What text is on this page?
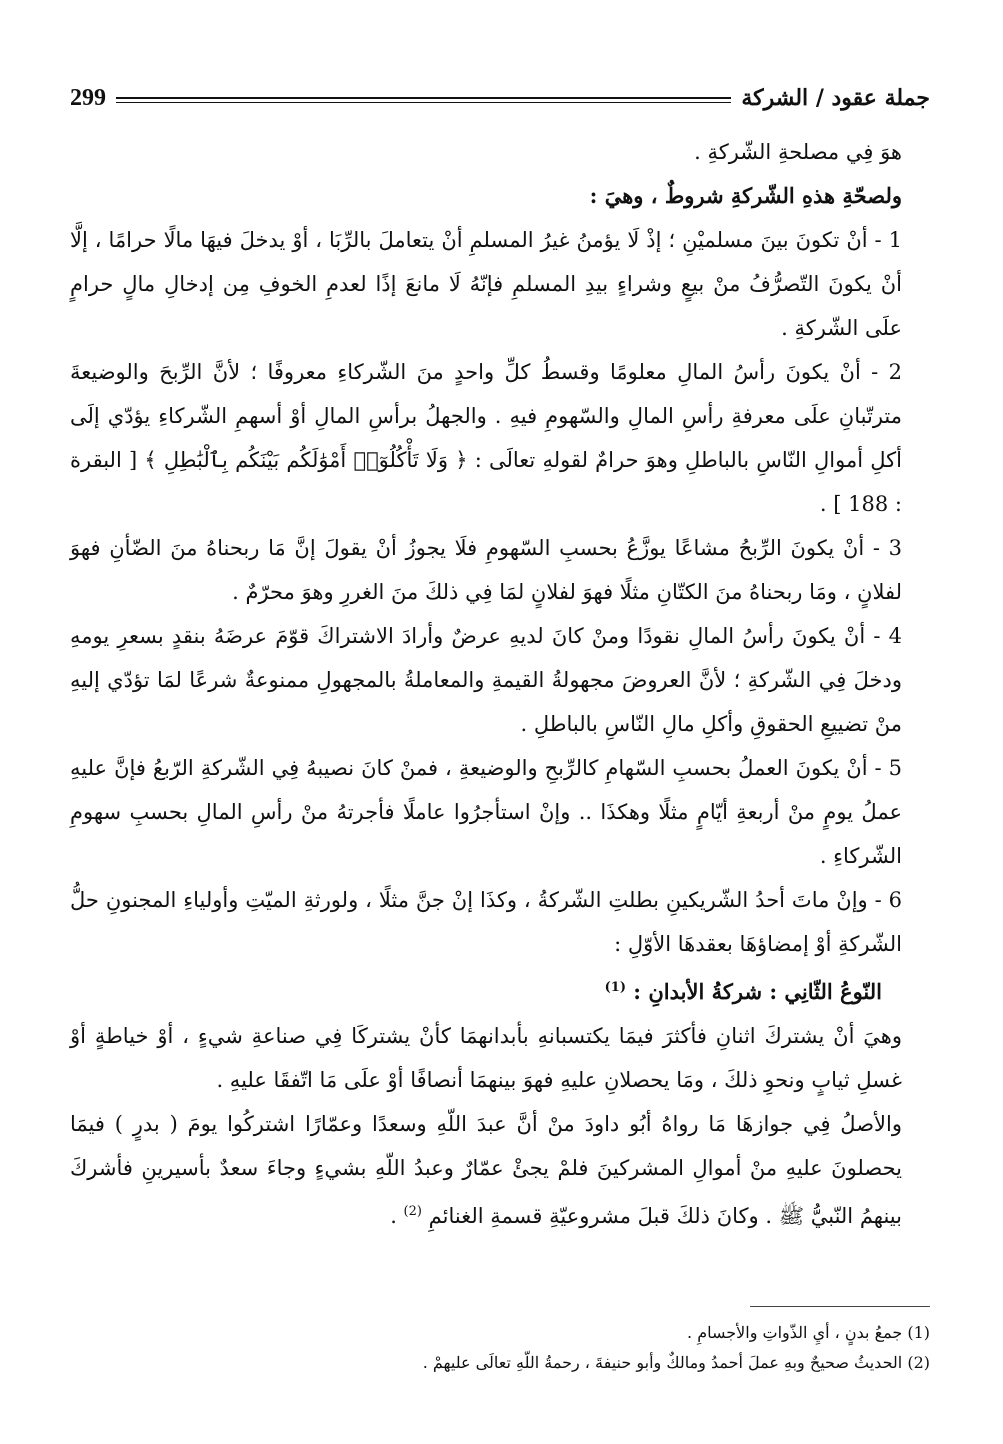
جملة عقود / الشركة
299

هوَ فِي مصلحةِ الشّركةِ .

ولصحّةِ هذهِ الشّركةِ شروطٌ ، وهيَ :

1 - أنْ تكونَ بينَ مسلميْنِ ؛ إذْ لَا يؤمنُ غيرُ المسلمِ أنْ يتعاملَ بالرِّبَا ، أوْ يدخلَ فيهَا مالًا حرامًا ، إلَّا أنْ يكونَ التّصرُّفُ منْ بيعٍ وشراءٍ بيدِ المسلمِ فإنّهُ لَا مانعَ إذًا لعدمِ الخوفِ مِن إدخالِ مالٍ حرامٍ علَى الشّركةِ .

2 - أنْ يكونَ رأسُ المالِ معلومًا وقسطُ كلِّ واحدٍ منَ الشّركاءِ معروفًا ؛ لأنَّ الرِّبحَ والوضيعةَ مترتّبانِ علَى معرفةِ رأسِ المالِ والسّهومِ فيهِ . والجهلُ برأسِ المالِ أوْ أسهمِ الشّركاءِ يؤدّي إلَى أكلِ أموالِ النّاسِ بالباطلِ وهوَ حرامٌ لقولهِ تعالَى : ﴿ وَلَا تَأْكُلُوٓا۟ أَمْوَٰلَكُم بَيْنَكُم بِٱلْبَٰطِلِ ﴾ [ البقرة : 188 ] .

3 - أنْ يكونَ الرِّبحُ مشاعًا يوزَّعُ بحسبِ السّهومِ فلَا يجوزُ أنْ يقولَ إنَّ مَا ربحناهُ منَ الضّأنِ فهوَ لفلانٍ ، ومَا ربحناهُ منَ الكتّانِ مثلًا فهوَ لفلانٍ لمَا فِي ذلكَ منَ الغررِ وهوَ محرّمٌ .

4 - أنْ يكونَ رأسُ المالِ نقودًا ومنْ كانَ لديهِ عرضٌ وأرادَ الاشتراكَ قوّمَ عرضَهُ بنقدٍ بسعرِ يومهِ ودخلَ فِي الشّركةِ ؛ لأنَّ العروضَ مجهولةُ القيمةِ والمعاملةُ بالمجهولِ ممنوعةٌ شرعًا لمَا تؤدّي إليهِ منْ تضييعِ الحقوقِ وأكلِ مالِ النّاسِ بالباطلِ .

5 - أنْ يكونَ العملُ بحسبِ السّهامِ كالرِّبحِ والوضيعةِ ، فمنْ كانَ نصيبهُ فِي الشّركةِ الرّبعُ فإنَّ عليهِ عملُ يومٍ منْ أربعةِ أيّامٍ مثلًا وهكذَا .. وإنْ استأجرُوا عاملًا فأجرتهُ منْ رأسِ المالِ بحسبِ سهومِ الشّركاءِ .

6 - وإنْ ماتَ أحدُ الشّريكينِ بطلتِ الشّركةُ ، وكذَا إنْ جنَّ مثلًا ، ولورثةِ الميّتِ وأولياءِ المجنونِ حلُّ الشّركةِ أوْ إمضاؤهَا بعقدهَا الأوّلِ :

النّوعُ الثّانِي : شركةُ الأبدانِ : $^{(1)}$

وهيَ أنْ يشتركَ اثنانِ فأكثرَ فيمَا يكتسبانهِ بأبدانهمَا كأنْ يشتركَا فِي صناعةِ شيءٍ ، أوْ خياطةٍ أوْ غسلِ ثيابٍ ونحوِ ذلكَ ، ومَا يحصلانِ عليهِ فهوَ بينهمَا أنصافًا أوْ علَى مَا اتّفقَا عليهِ .

والأصلُ فِي جوازهَا مَا رواهُ أبُو داودَ منْ أنَّ عبدَ اللّهِ وسعدًا وعمّارًا اشتركُوا يومَ ( بدرٍ ) فيمَا يحصلونَ عليهِ منْ أموالِ المشركينَ فلمْ يجئْ عمّارٌ وعبدُ اللّهِ بشيءٍ وجاءَ سعدٌ بأسيرينِ فأشركَ بينهمُ النّبيُّ ﷺ . وكانَ ذلكَ قبلَ مشروعيّةِ قسمةِ الغنائمِ $^{(2)}$ .

(1) جمعُ بدنٍ ، أيِ الذّواتِ والأجسامِ .

(2) الحديثُ صحيحٌ وبهِ عملَ أحمدُ ومالكٌ وأبو حنيفةَ ، رحمةُ اللّهِ تعالَى عليهمْ .
